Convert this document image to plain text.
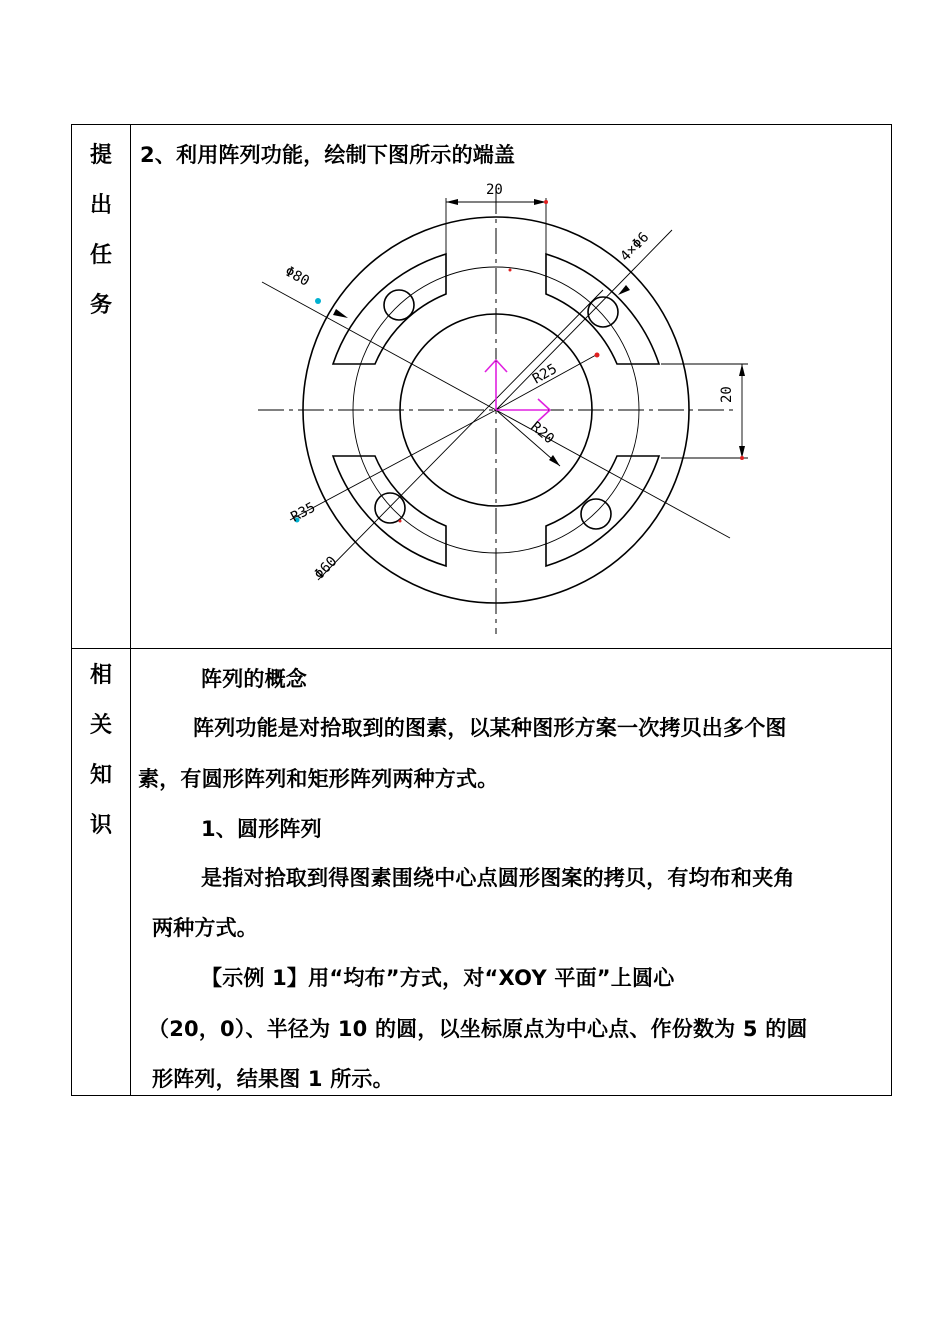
提
出
任
务
相
关
知
识
2、利用阵列功能，绘制下图所示的端盖
20
4×Φ6
Φ80
R25
R20
R35
Φ60
20
阵列的概念
阵列功能是对拾取到的图素，以某种图形方案一次拷贝出多个图
素，有圆形阵列和矩形阵列两种方式。
1、圆形阵列
是指对拾取到得图素围绕中心点圆形图案的拷贝，有均布和夹角
两种方式。
【示例 1】用“均布”方式，对“XOY 平面”上圆心
（20，0）、半径为 10 的圆，以坐标原点为中心点、作份数为 5 的圆
形阵列，结果图 1 所示。
